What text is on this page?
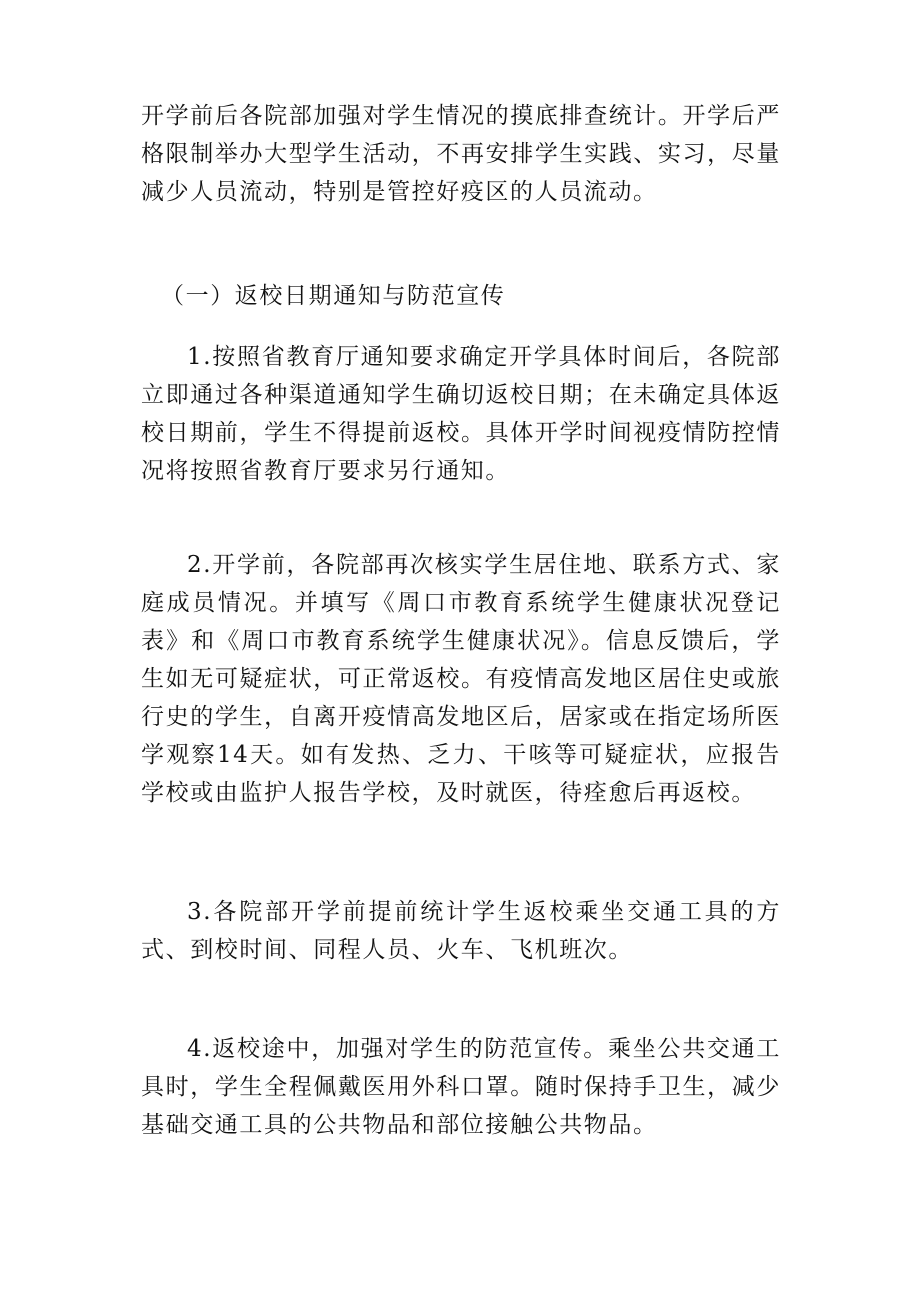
开学前后各院部加强对学生情况的摸底排查统计。开学后严格限制举办大型学生活动，不再安排学生实践、实习，尽量减少人员流动，特别是管控好疫区的人员流动。

（一）返校日期通知与防范宣传

1.按照省教育厅通知要求确定开学具体时间后，各院部立即通过各种渠道通知学生确切返校日期；在未确定具体返校日期前，学生不得提前返校。具体开学时间视疫情防控情况将按照省教育厅要求另行通知。

2.开学前，各院部再次核实学生居住地、联系方式、家庭成员情况。并填写《周口市教育系统学生健康状况登记表》和《周口市教育系统学生健康状况》。信息反馈后，学生如无可疑症状，可正常返校。有疫情高发地区居住史或旅行史的学生，自离开疫情高发地区后，居家或在指定场所医学观察14天。如有发热、乏力、干咳等可疑症状，应报告学校或由监护人报告学校，及时就医，待痊愈后再返校。

3.各院部开学前提前统计学生返校乘坐交通工具的方式、到校时间、同程人员、火车、飞机班次。

4.返校途中，加强对学生的防范宣传。乘坐公共交通工具时，学生全程佩戴医用外科口罩。随时保持手卫生，减少基础交通工具的公共物品和部位接触公共物品。
